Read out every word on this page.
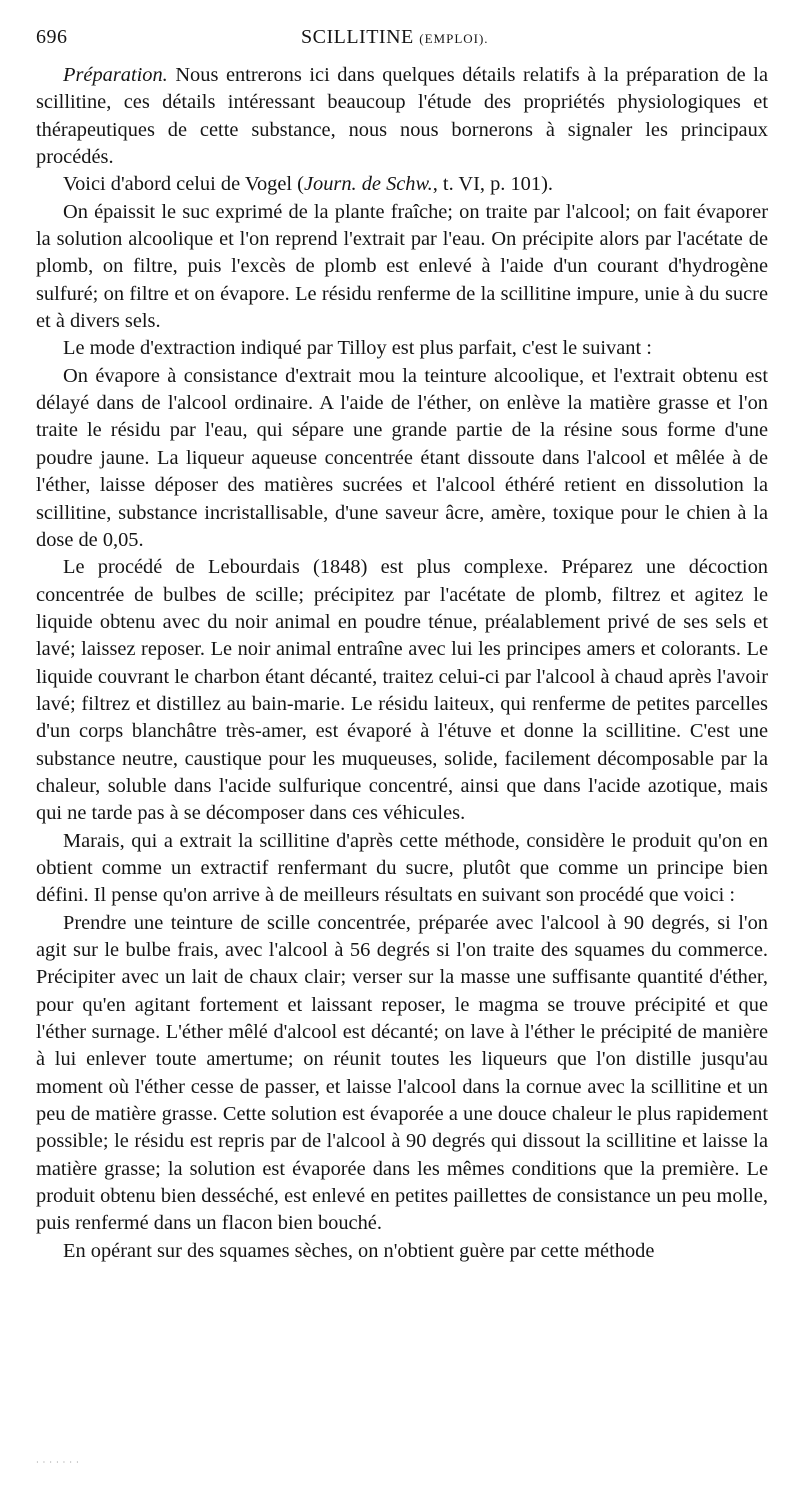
696	SCILLITINE (EMPLOI).

Préparation. Nous entrerons ici dans quelques détails relatifs à la préparation de la scillitine, ces détails intéressant beaucoup l'étude des propriétés physiologiques et thérapeutiques de cette substance, nous nous bornerons à signaler les principaux procédés.

Voici d'abord celui de Vogel (Journ. de Schw., t. VI, p. 101).

On épaissit le suc exprimé de la plante fraîche; on traite par l'alcool; on fait évaporer la solution alcoolique et l'on reprend l'extrait par l'eau. On précipite alors par l'acétate de plomb, on filtre, puis l'excès de plomb est enlevé à l'aide d'un courant d'hydrogène sulfuré; on filtre et on évapore. Le résidu renferme de la scillitine impure, unie à du sucre et à divers sels.

Le mode d'extraction indiqué par Tilloy est plus parfait, c'est le suivant :

On évapore à consistance d'extrait mou la teinture alcoolique, et l'extrait obtenu est délayé dans de l'alcool ordinaire. A l'aide de l'éther, on enlève la matière grasse et l'on traite le résidu par l'eau, qui sépare une grande partie de la résine sous forme d'une poudre jaune. La liqueur aqueuse concentrée étant dissoute dans l'alcool et mêlée à de l'éther, laisse déposer des matières sucrées et l'alcool éthéré retient en dissolution la scillitine, substance incristallisable, d'une saveur âcre, amère, toxique pour le chien à la dose de 0,05.

Le procédé de Lebourdais (1848) est plus complexe. Préparez une décoction concentrée de bulbes de scille; précipitez par l'acétate de plomb, filtrez et agitez le liquide obtenu avec du noir animal en poudre ténue, préalablement privé de ses sels et lavé; laissez reposer. Le noir animal entraîne avec lui les principes amers et colorants. Le liquide couvrant le charbon étant décanté, traitez celui-ci par l'alcool à chaud après l'avoir lavé; filtrez et distillez au bain-marie. Le résidu laiteux, qui renferme de petites parcelles d'un corps blanchâtre très-amer, est évaporé à l'étuve et donne la scillitine. C'est une substance neutre, caustique pour les muqueuses, solide, facilement décomposable par la chaleur, soluble dans l'acide sulfurique concentré, ainsi que dans l'acide azotique, mais qui ne tarde pas à se décomposer dans ces véhicules.

Marais, qui a extrait la scillitine d'après cette méthode, considère le produit qu'on en obtient comme un extractif renfermant du sucre, plutôt que comme un principe bien défini. Il pense qu'on arrive à de meilleurs résultats en suivant son procédé que voici :

Prendre une teinture de scille concentrée, préparée avec l'alcool à 90 degrés, si l'on agit sur le bulbe frais, avec l'alcool à 56 degrés si l'on traite des squames du commerce. Précipiter avec un lait de chaux clair; verser sur la masse une suffisante quantité d'éther, pour qu'en agitant fortement et laissant reposer, le magma se trouve précipité et que l'éther surnage. L'éther mêlé d'alcool est décanté; on lave à l'éther le précipité de manière à lui enlever toute amertume; on réunit toutes les liqueurs que l'on distille jusqu'au moment où l'éther cesse de passer, et laisse l'alcool dans la cornue avec la scillitine et un peu de matière grasse. Cette solution est évaporée a une douce chaleur le plus rapidement possible; le résidu est repris par de l'alcool à 90 degrés qui dissout la scillitine et laisse la matière grasse; la solution est évaporée dans les mêmes conditions que la première. Le produit obtenu bien desséché, est enlevé en petites paillettes de consistance un peu molle, puis renfermé dans un flacon bien bouché.

En opérant sur des squames sèches, on n'obtient guère par cette méthode

· · · · · · ·
